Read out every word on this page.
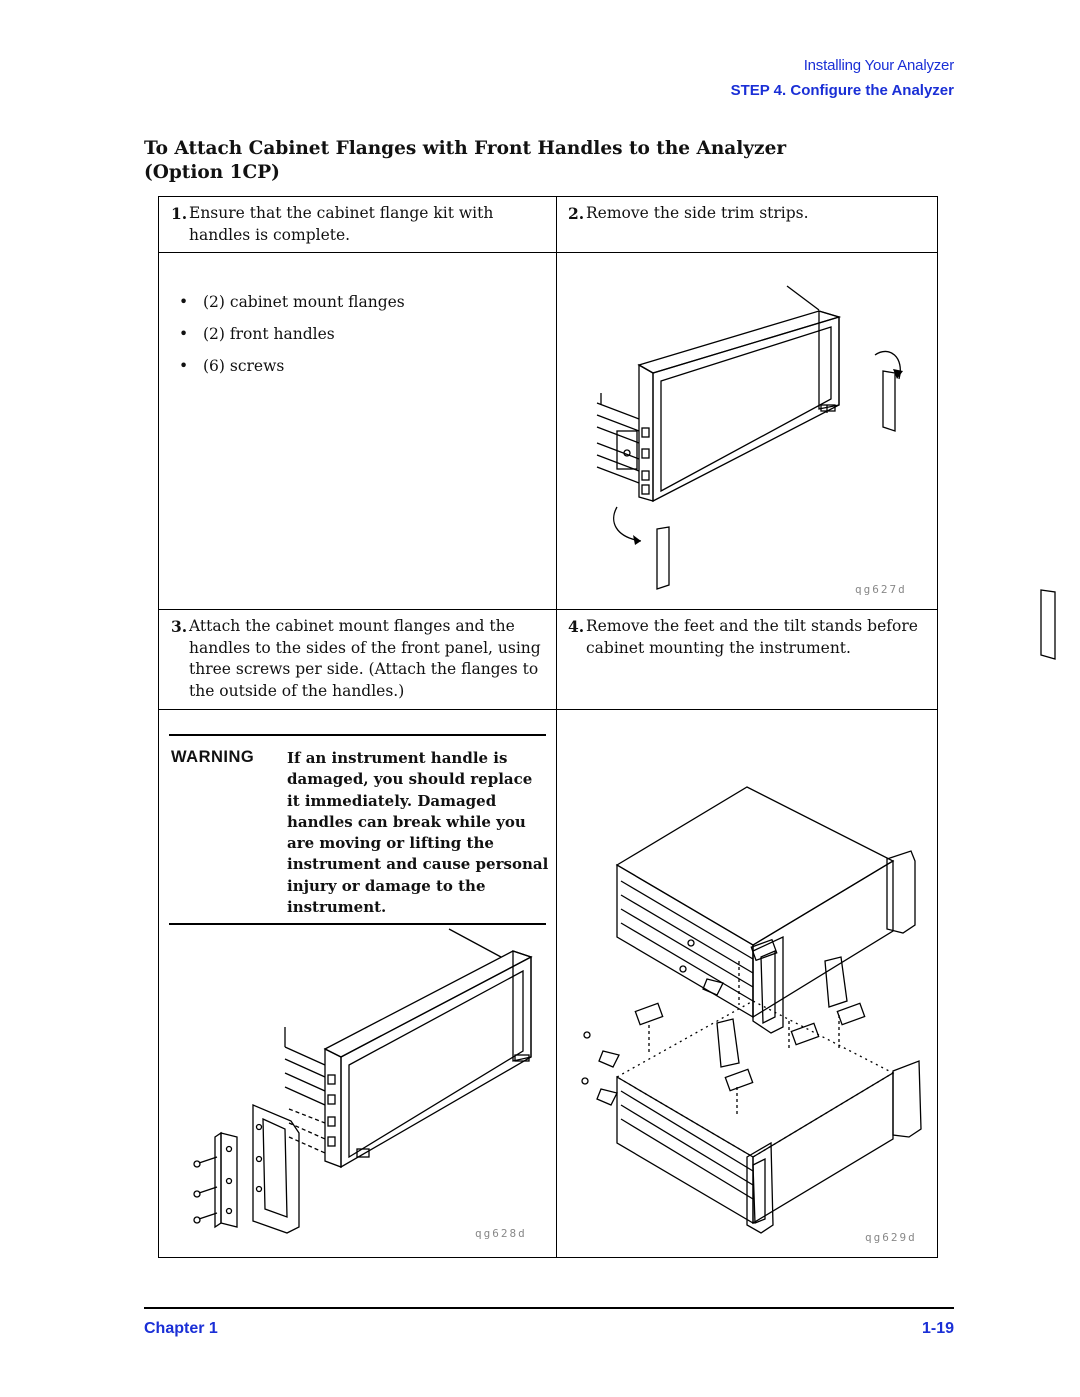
Installing Your Analyzer
STEP 4. Configure the Analyzer
To Attach Cabinet Flanges with Front Handles to the Analyzer (Option 1CP)
1. Ensure that the cabinet flange kit with handles is complete.
2. Remove the side trim strips.
• (2) cabinet mount flanges
• (2) front handles
• (6) screws
qg627d
3. Attach the cabinet mount flanges and the handles to the sides of the front panel, using three screws per side. (Attach the flanges to the outside of the handles.)
4. Remove the feet and the tilt stands before cabinet mounting the instrument.
WARNING If an instrument handle is damaged, you should replace it immediately. Damaged handles can break while you are moving or lifting the instrument and cause personal injury or damage to the instrument.

qg628d	qg629d
Chapter 1	1-19
